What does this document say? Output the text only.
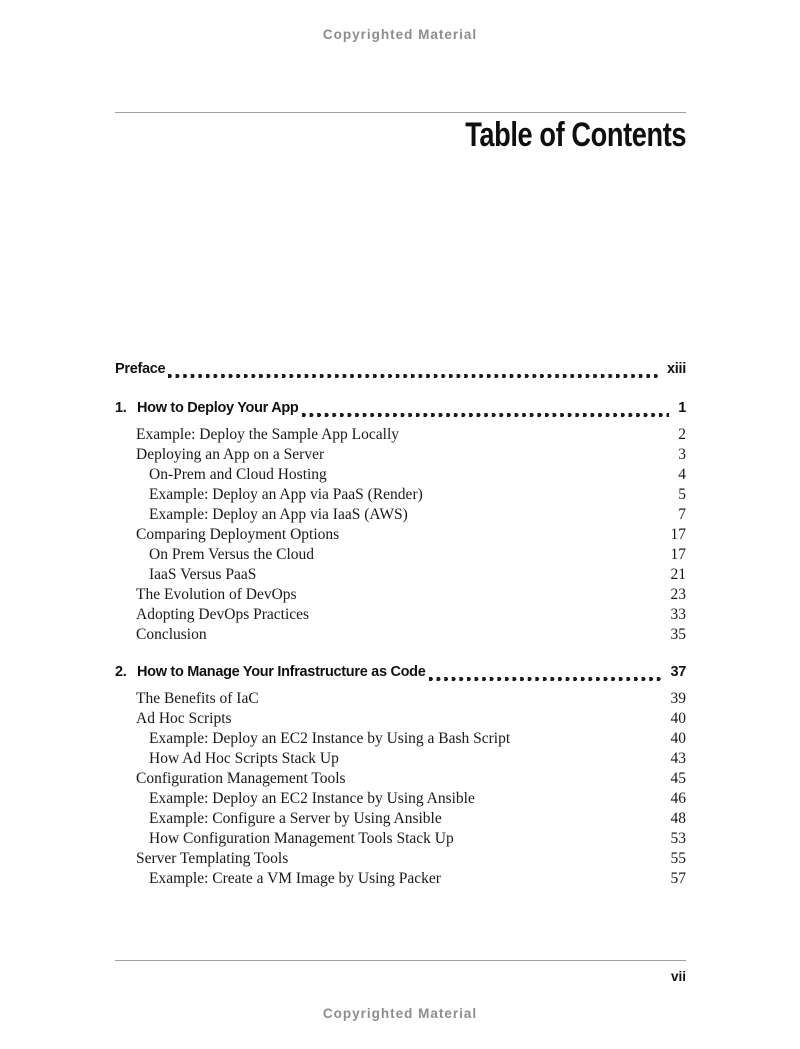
Copyrighted Material
Table of Contents
Preface	xiii
1. How to Deploy Your App	1
Example: Deploy the Sample App Locally	2
Deploying an App on a Server	3
On-Prem and Cloud Hosting	4
Example: Deploy an App via PaaS (Render)	5
Example: Deploy an App via IaaS (AWS)	7
Comparing Deployment Options	17
On Prem Versus the Cloud	17
IaaS Versus PaaS	21
The Evolution of DevOps	23
Adopting DevOps Practices	33
Conclusion	35
2. How to Manage Your Infrastructure as Code	37
The Benefits of IaC	39
Ad Hoc Scripts	40
Example: Deploy an EC2 Instance by Using a Bash Script	40
How Ad Hoc Scripts Stack Up	43
Configuration Management Tools	45
Example: Deploy an EC2 Instance by Using Ansible	46
Example: Configure a Server by Using Ansible	48
How Configuration Management Tools Stack Up	53
Server Templating Tools	55
Example: Create a VM Image by Using Packer	57
vii
Copyrighted Material
